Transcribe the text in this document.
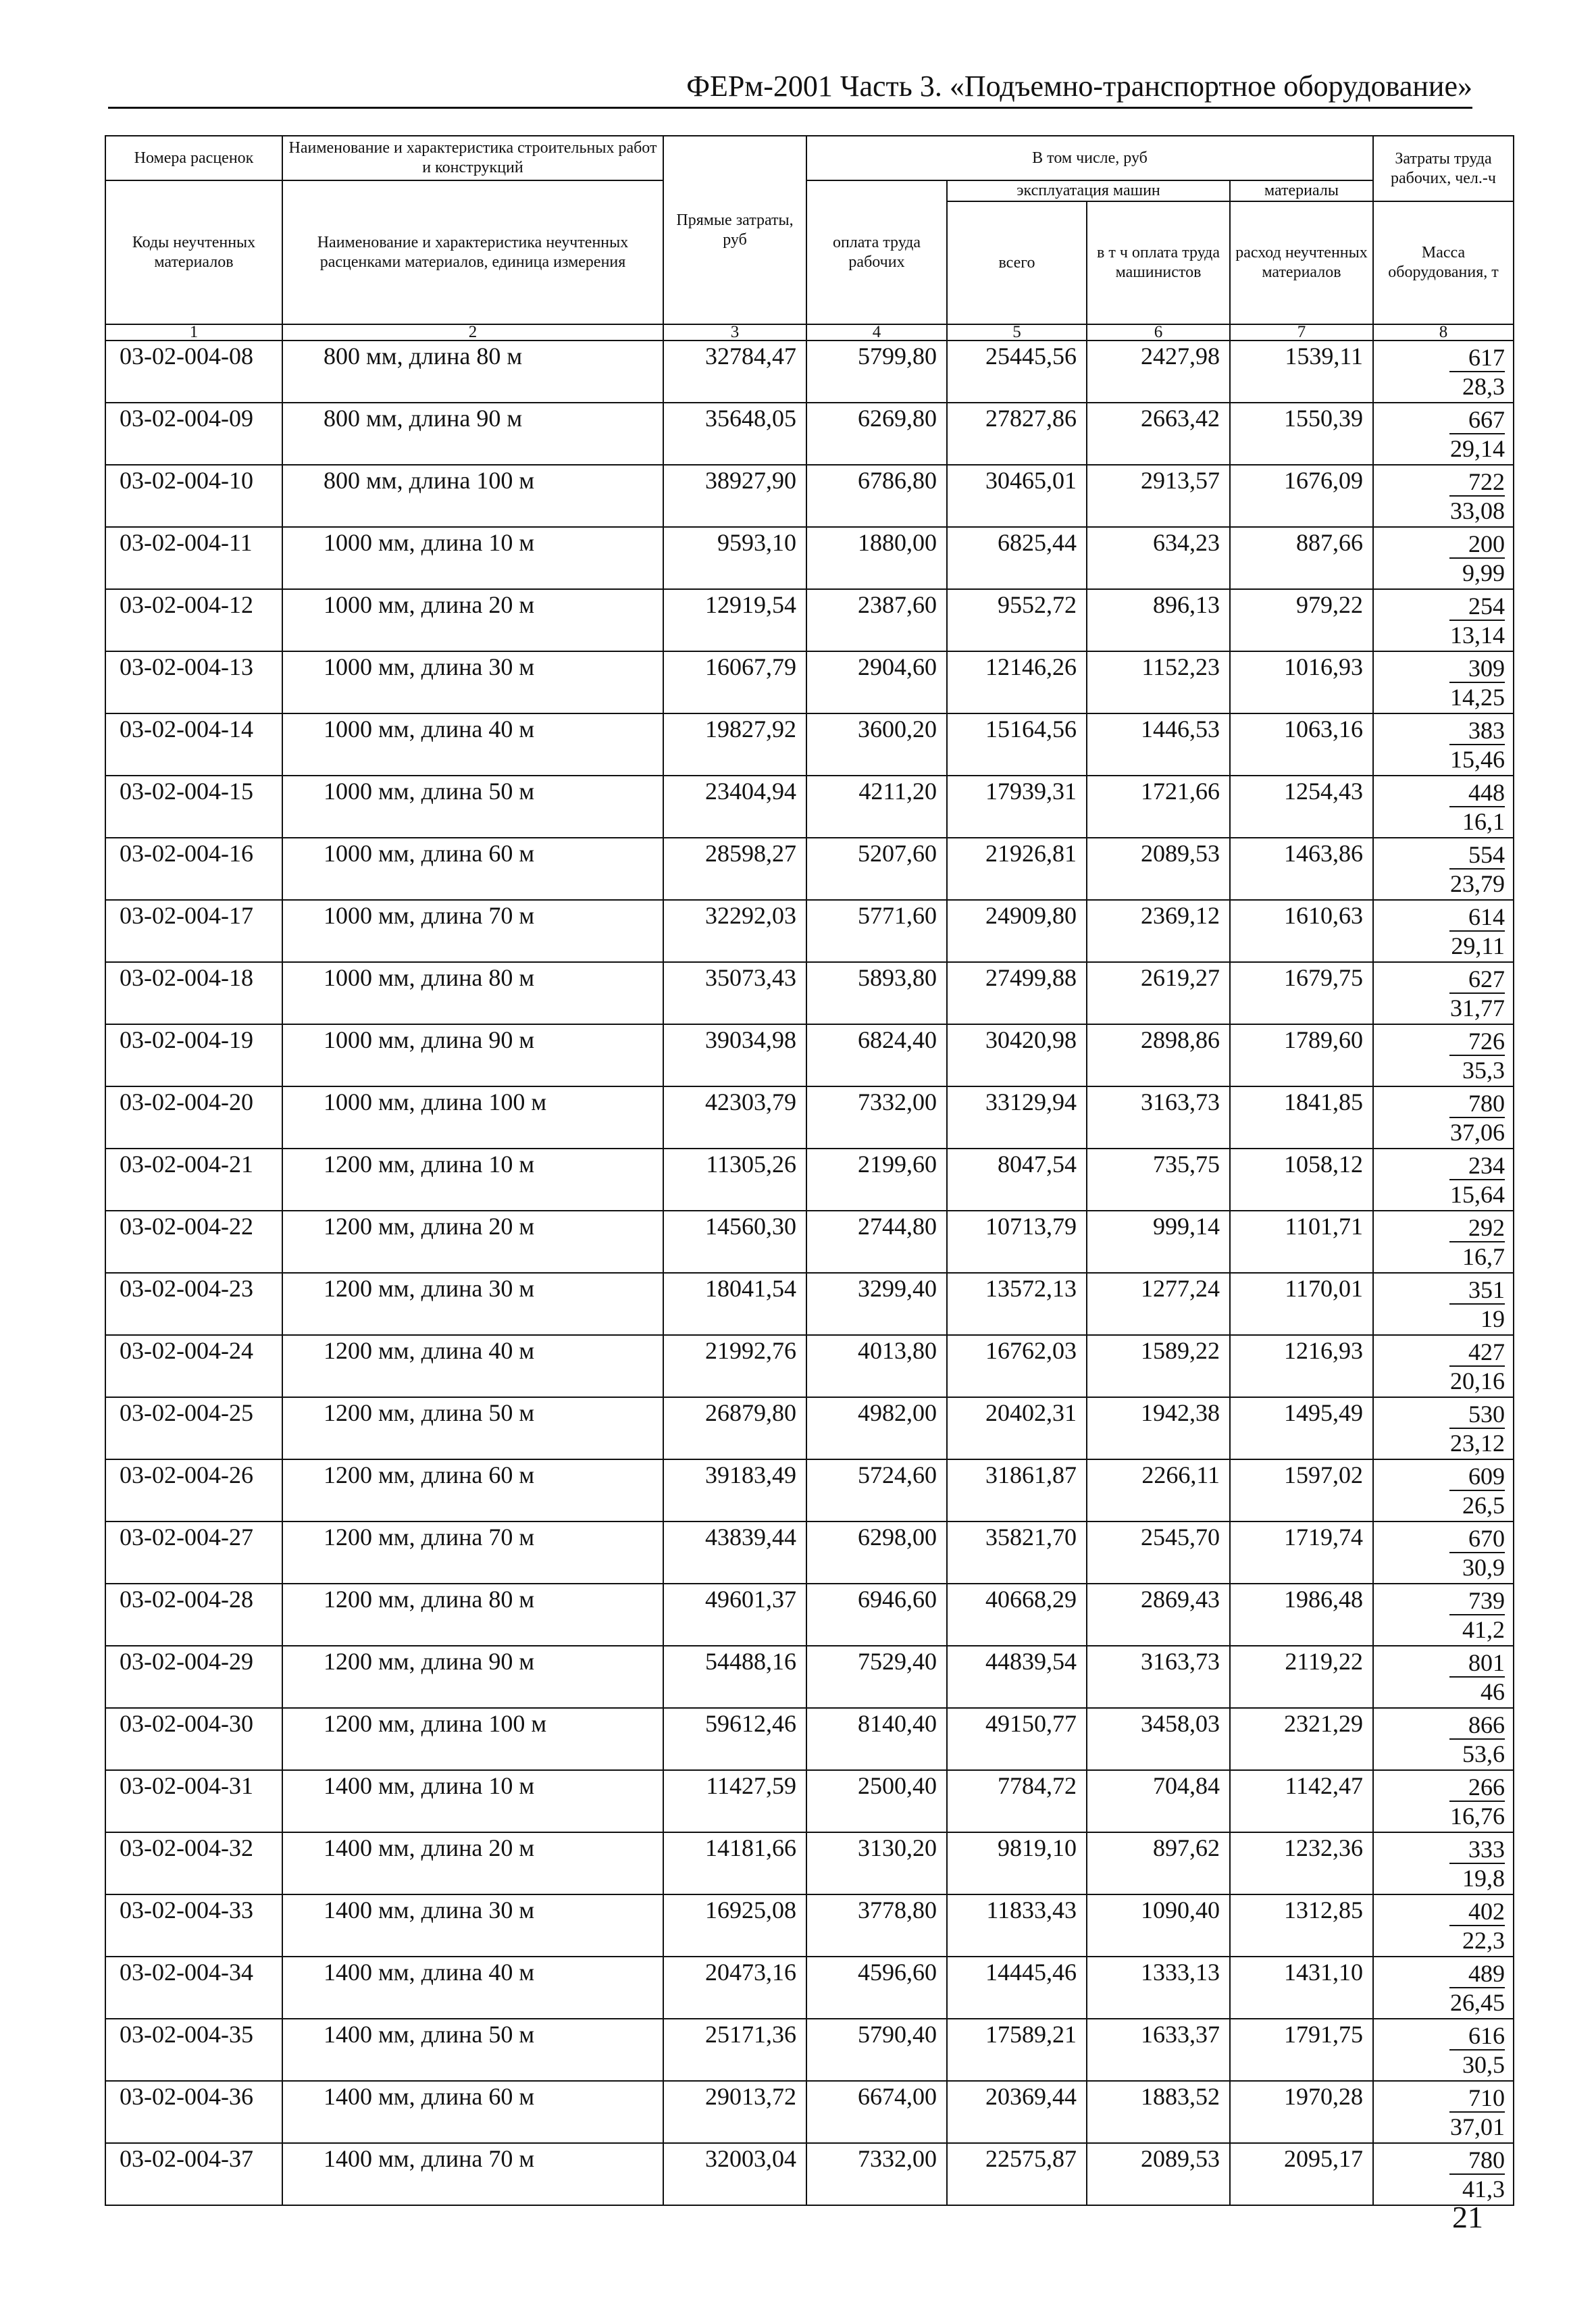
ФЕРм-2001 Часть 3. «Подъемно-транспортное оборудование»
Номера расценок	Наименование и характеристика строительных работ и конструкций	Прямые затраты, руб	В том числе, руб				Затраты труда рабочих, чел.-ч
Коды неучтенных материалов	Наименование и характеристика неучтенных расценками материалов, единица измерения		оплата труда рабочих	эксплуатация машин		материалы	
				всего	в т ч оплата труда машинистов	расход неучтенных материалов	Масса оборудования, т
1	2	3	4	5	6	7	8
03-02-004-08	800 мм, длина 80 м	32784,47	5799,80	25445,56	2427,98	1539,11	$\frac{617}{28,3}$

03-02-004-09	800 мм, длина 90 м	35648,05	6269,80	27827,86	2663,42	1550,39	$\frac{667}{29,14}$

03-02-004-10	800 мм, длина 100 м	38927,90	6786,80	30465,01	2913,57	1676,09	$\frac{722}{33,08}$

03-02-004-11	1000 мм, длина 10 м	9593,10	1880,00	6825,44	634,23	887,66	$\frac{200}{9,99}$

03-02-004-12	1000 мм, длина 20 м	12919,54	2387,60	9552,72	896,13	979,22	$\frac{254}{13,14}$

03-02-004-13	1000 мм, длина 30 м	16067,79	2904,60	12146,26	1152,23	1016,93	$\frac{309}{14,25}$

03-02-004-14	1000 мм, длина 40 м	19827,92	3600,20	15164,56	1446,53	1063,16	$\frac{383}{15,46}$

03-02-004-15	1000 мм, длина 50 м	23404,94	4211,20	17939,31	1721,66	1254,43	$\frac{448}{16,1}$

03-02-004-16	1000 мм, длина 60 м	28598,27	5207,60	21926,81	2089,53	1463,86	$\frac{554}{23,79}$

03-02-004-17	1000 мм, длина 70 м	32292,03	5771,60	24909,80	2369,12	1610,63	$\frac{614}{29,11}$

03-02-004-18	1000 мм, длина 80 м	35073,43	5893,80	27499,88	2619,27	1679,75	$\frac{627}{31,77}$

03-02-004-19	1000 мм, длина 90 м	39034,98	6824,40	30420,98	2898,86	1789,60	$\frac{726}{35,3}$

03-02-004-20	1000 мм, длина 100 м	42303,79	7332,00	33129,94	3163,73	1841,85	$\frac{780}{37,06}$

03-02-004-21	1200 мм, длина 10 м	11305,26	2199,60	8047,54	735,75	1058,12	$\frac{234}{15,64}$

03-02-004-22	1200 мм, длина 20 м	14560,30	2744,80	10713,79	999,14	1101,71	$\frac{292}{16,7}$

03-02-004-23	1200 мм, длина 30 м	18041,54	3299,40	13572,13	1277,24	1170,01	$\frac{351}{19}$

03-02-004-24	1200 мм, длина 40 м	21992,76	4013,80	16762,03	1589,22	1216,93	$\frac{427}{20,16}$

03-02-004-25	1200 мм, длина 50 м	26879,80	4982,00	20402,31	1942,38	1495,49	$\frac{530}{23,12}$

03-02-004-26	1200 мм, длина 60 м	39183,49	5724,60	31861,87	2266,11	1597,02	$\frac{609}{26,5}$

03-02-004-27	1200 мм, длина 70 м	43839,44	6298,00	35821,70	2545,70	1719,74	$\frac{670}{30,9}$

03-02-004-28	1200 мм, длина 80 м	49601,37	6946,60	40668,29	2869,43	1986,48	$\frac{739}{41,2}$

03-02-004-29	1200 мм, длина 90 м	54488,16	7529,40	44839,54	3163,73	2119,22	$\frac{801}{46}$

03-02-004-30	1200 мм, длина 100 м	59612,46	8140,40	49150,77	3458,03	2321,29	$\frac{866}{53,6}$

03-02-004-31	1400 мм, длина 10 м	11427,59	2500,40	7784,72	704,84	1142,47	$\frac{266}{16,76}$

03-02-004-32	1400 мм, длина 20 м	14181,66	3130,20	9819,10	897,62	1232,36	$\frac{333}{19,8}$

03-02-004-33	1400 мм, длина 30 м	16925,08	3778,80	11833,43	1090,40	1312,85	$\frac{402}{22,3}$

03-02-004-34	1400 мм, длина 40 м	20473,16	4596,60	14445,46	1333,13	1431,10	$\frac{489}{26,45}$

03-02-004-35	1400 мм, длина 50 м	25171,36	5790,40	17589,21	1633,37	1791,75	$\frac{616}{30,5}$

03-02-004-36	1400 мм, длина 60 м	29013,72	6674,00	20369,44	1883,52	1970,28	$\frac{710}{37,01}$

03-02-004-37	1400 мм, длина 70 м	32003,04	7332,00	22575,87	2089,53	2095,17	$\frac{780}{41,3}$
21
